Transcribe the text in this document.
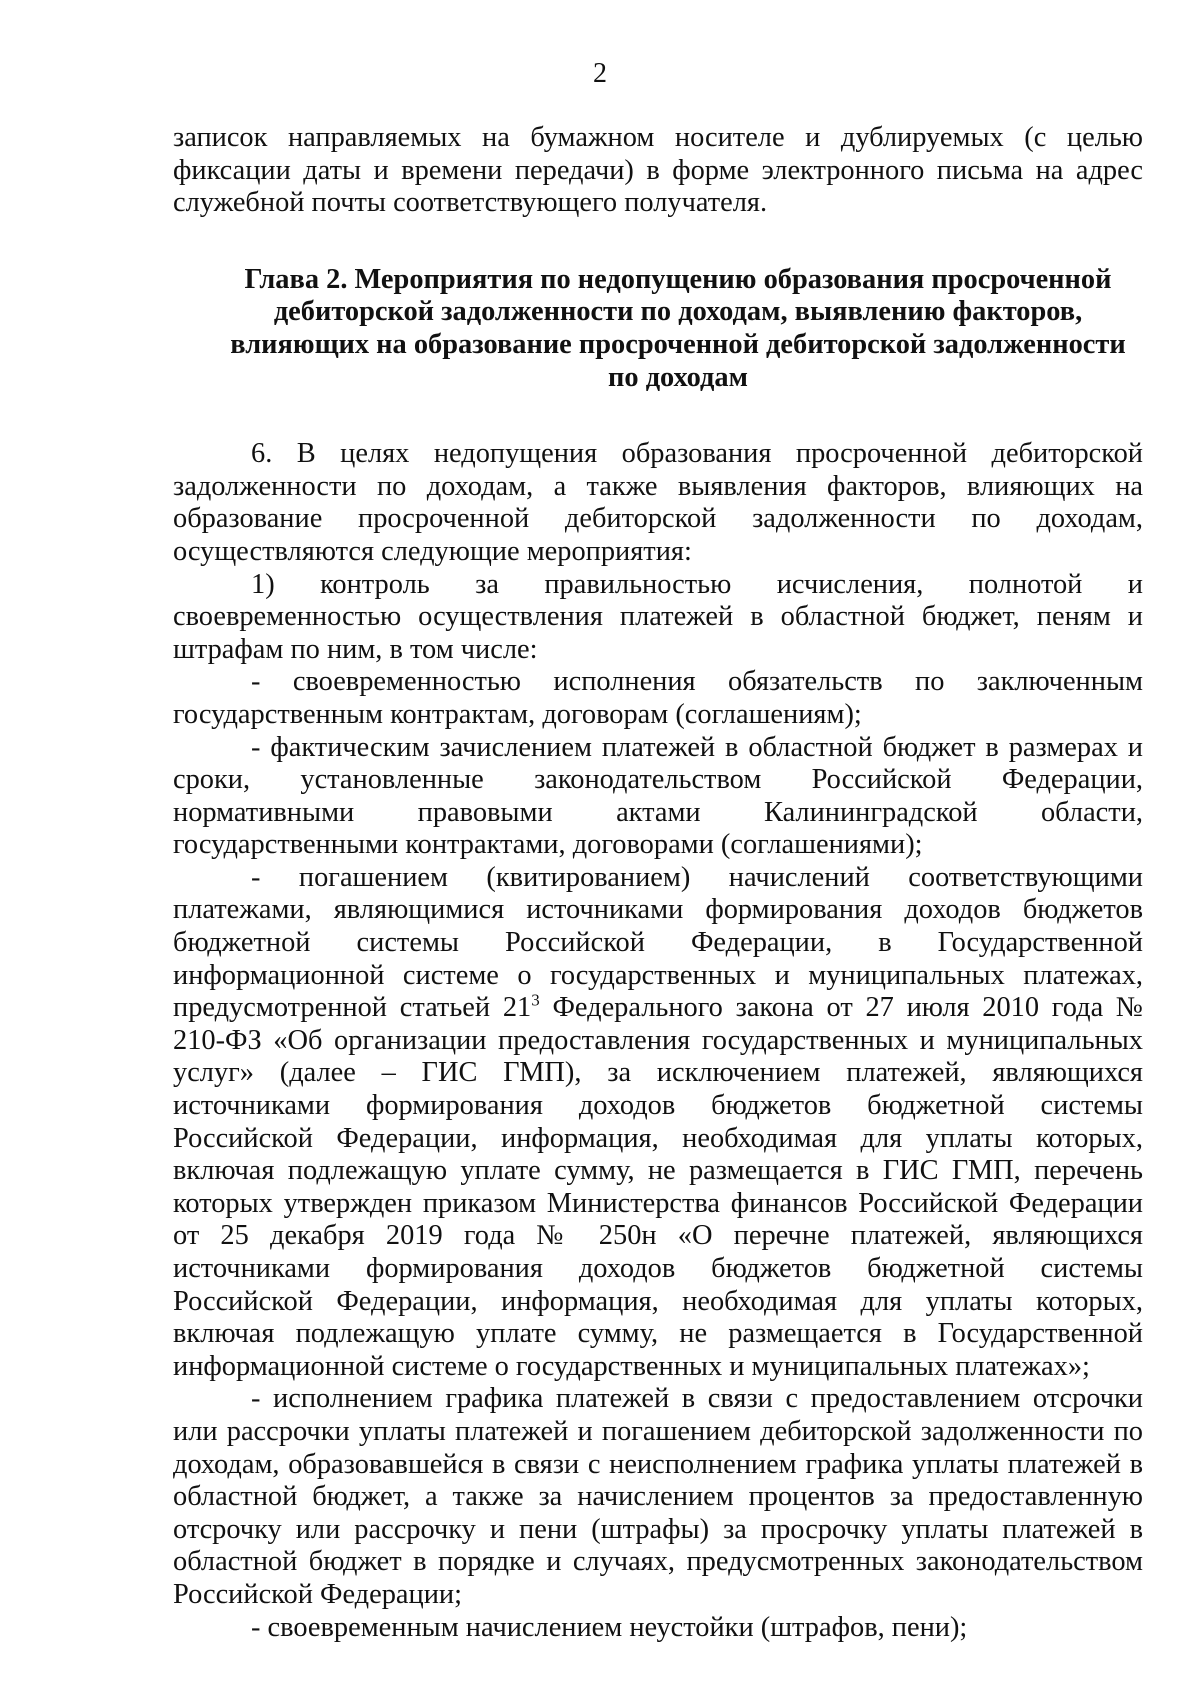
2

записок направляемых на бумажном носителе и дублируемых (с целью фиксации даты и времени передачи) в форме электронного письма на адрес служебной почты соответствующего получателя.

Глава 2. Мероприятия по недопущению образования просроченной дебиторской задолженности по доходам, выявлению факторов, влияющих на образование просроченной дебиторской задолженности по доходам

6. В целях недопущения образования просроченной дебиторской задолженности по доходам, а также выявления факторов, влияющих на образование просроченной дебиторской задолженности по доходам, осуществляются следующие мероприятия:

1) контроль за правильностью исчисления, полнотой и своевременностью осуществления платежей в областной бюджет, пеням и штрафам по ним, в том числе:

- своевременностью исполнения обязательств по заключенным государственным контрактам, договорам (соглашениям);

- фактическим зачислением платежей в областной бюджет в размерах и сроки, установленные законодательством Российской Федерации, нормативными правовыми актами Калининградской области, государственными контрактами, договорами (соглашениями);

- погашением (квитированием) начислений соответствующими платежами, являющимися источниками формирования доходов бюджетов бюджетной системы Российской Федерации, в Государственной информационной системе о государственных и муниципальных платежах, предусмотренной статьей $21^3$ Федерального закона от 27 июля 2010 года № 210-ФЗ «Об организации предоставления государственных и муниципальных услуг» (далее – ГИС ГМП), за исключением платежей, являющихся источниками формирования доходов бюджетов бюджетной системы Российской Федерации, информация, необходимая для уплаты которых, включая подлежащую уплате сумму, не размещается в ГИС ГМП, перечень которых утвержден приказом Министерства финансов Российской Федерации от 25 декабря 2019 года № 250н «О перечне платежей, являющихся источниками формирования доходов бюджетов бюджетной системы Российской Федерации, информация, необходимая для уплаты которых, включая подлежащую уплате сумму, не размещается в Государственной информационной системе о государственных и муниципальных платежах»;

- исполнением графика платежей в связи с предоставлением отсрочки или рассрочки уплаты платежей и погашением дебиторской задолженности по доходам, образовавшейся в связи с неисполнением графика уплаты платежей в областной бюджет, а также за начислением процентов за предоставленную отсрочку или рассрочку и пени (штрафы) за просрочку уплаты платежей в областной бюджет в порядке и случаях, предусмотренных законодательством Российской Федерации;

- своевременным начислением неустойки (штрафов, пени);
